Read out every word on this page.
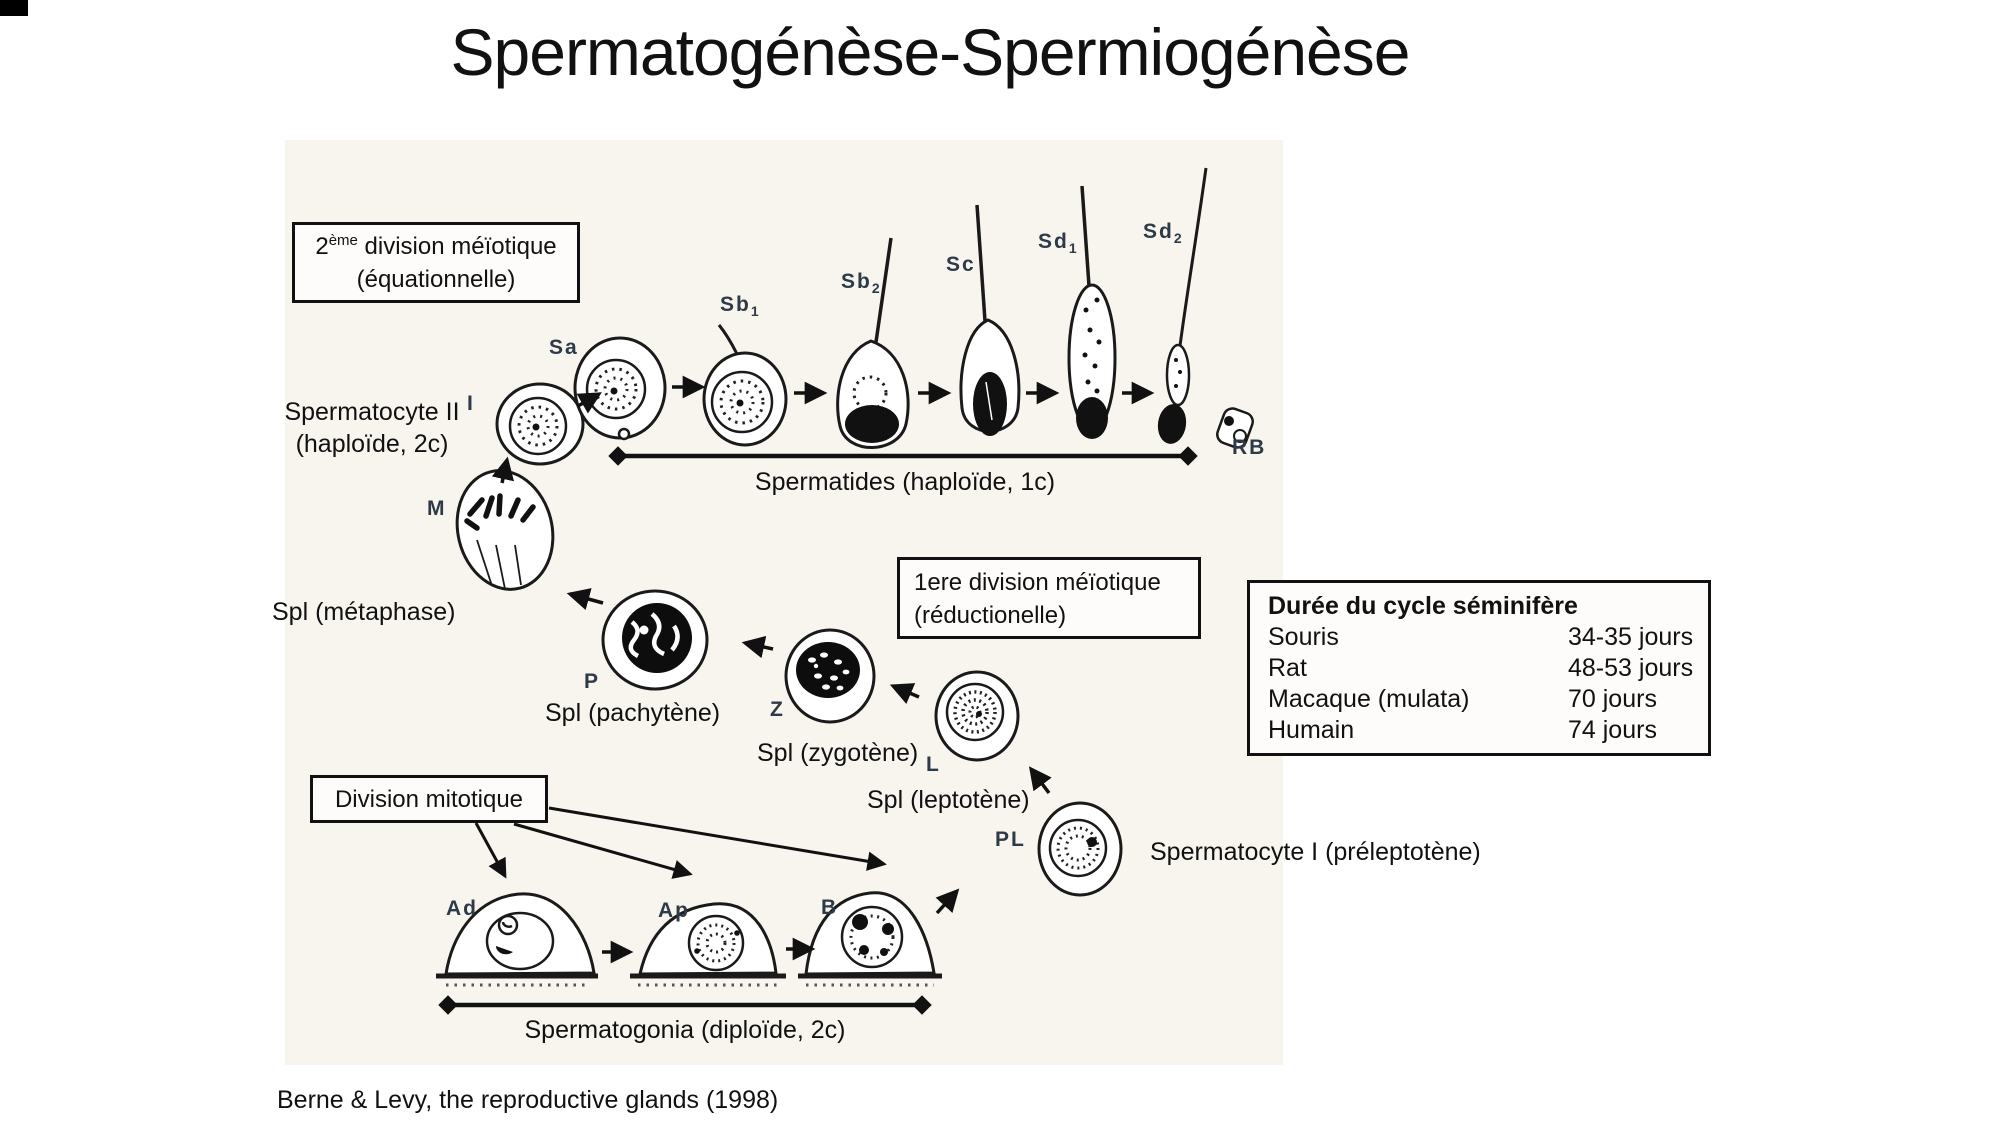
Spermatogénèse-Spermiogénèse
2ème division méïotique
(équationnelle)
1ere division méïotique
(réductionelle)
Division mitotique
Durée du cycle séminifère
Souris	34-35 jours
Rat	48-53 jours
Macaque (mulata)	70 jours
Humain	74 jours
Spermatocyte II
(haploïde, 2c)
Spermatides (haploïde, 1c)
Spl (métaphase)
Spl (pachytène)
Spl (zygotène)
Spl (leptotène)
Spermatocyte I (préleptotène)
Spermatogonia (diploïde, 2c)
I
Sa
$Sb_1$
$Sb_2$
Sc
$Sd_1$
$Sd_2$
RB
M
P
Z
L
PL
Ad	Ap	B
Berne & Levy, the reproductive glands (1998)
